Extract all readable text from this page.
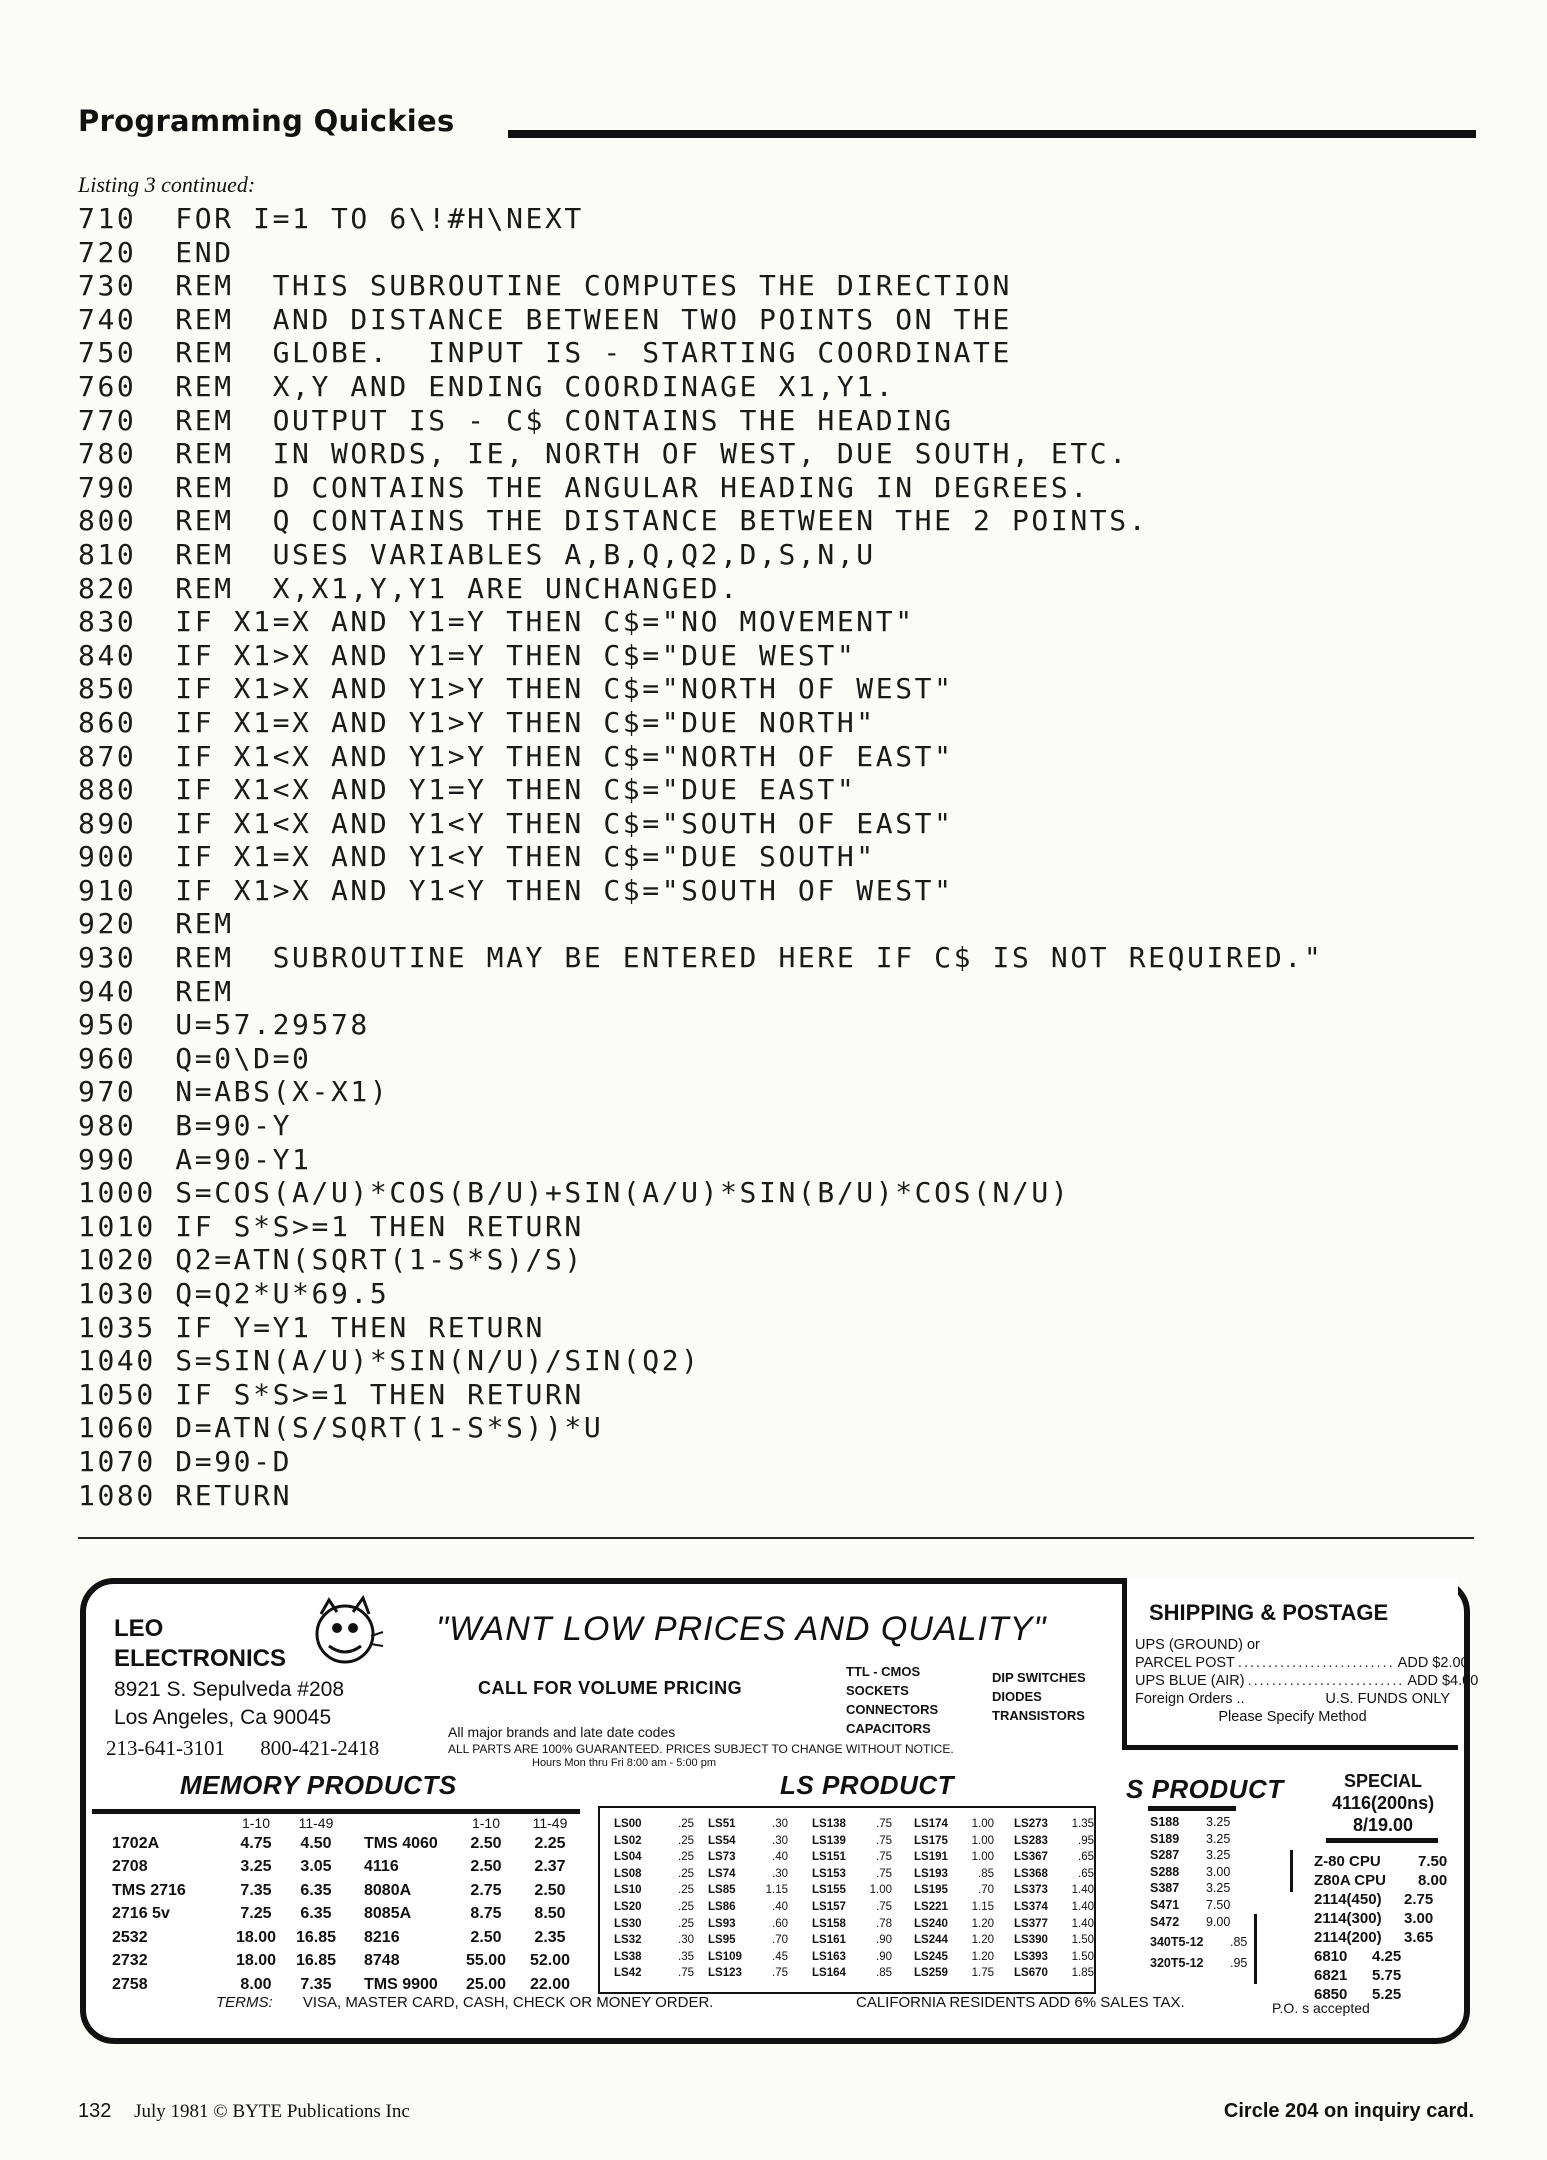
Programming Quickies
Listing 3 continued:
710  FOR I=1 TO 6\!#H\NEXT
720  END
730  REM  THIS SUBROUTINE COMPUTES THE DIRECTION
740  REM  AND DISTANCE BETWEEN TWO POINTS ON THE
750  REM  GLOBE.  INPUT IS - STARTING COORDINATE
760  REM  X,Y AND ENDING COORDINAGE X1,Y1.
770  REM  OUTPUT IS - C$ CONTAINS THE HEADING
780  REM  IN WORDS, IE, NORTH OF WEST, DUE SOUTH, ETC.
790  REM  D CONTAINS THE ANGULAR HEADING IN DEGREES.
800  REM  Q CONTAINS THE DISTANCE BETWEEN THE 2 POINTS.
810  REM  USES VARIABLES A,B,Q,Q2,D,S,N,U
820  REM  X,X1,Y,Y1 ARE UNCHANGED.
830  IF X1=X AND Y1=Y THEN C$="NO MOVEMENT"
840  IF X1>X AND Y1=Y THEN C$="DUE WEST"
850  IF X1>X AND Y1>Y THEN C$="NORTH OF WEST"
860  IF X1=X AND Y1>Y THEN C$="DUE NORTH"
870  IF X1<X AND Y1>Y THEN C$="NORTH OF EAST"
880  IF X1<X AND Y1=Y THEN C$="DUE EAST"
890  IF X1<X AND Y1<Y THEN C$="SOUTH OF EAST"
900  IF X1=X AND Y1<Y THEN C$="DUE SOUTH"
910  IF X1>X AND Y1<Y THEN C$="SOUTH OF WEST"
920  REM
930  REM  SUBROUTINE MAY BE ENTERED HERE IF C$ IS NOT REQUIRED."
940  REM
950  U=57.29578
960  Q=0\D=0
970  N=ABS(X-X1)
980  B=90-Y
990  A=90-Y1
1000 S=COS(A/U)*COS(B/U)+SIN(A/U)*SIN(B/U)*COS(N/U)
1010 IF S*S>=1 THEN RETURN
1020 Q2=ATN(SQRT(1-S*S)/S)
1030 Q=Q2*U*69.5
1035 IF Y=Y1 THEN RETURN
1040 S=SIN(A/U)*SIN(N/U)/SIN(Q2)
1050 IF S*S>=1 THEN RETURN
1060 D=ATN(S/SQRT(1-S*S))*U
1070 D=90-D
1080 RETURN
LEO
ELECTRONICS
8921 S. Sepulveda #208
Los Angeles, Ca 90045
213-641-3101 800-421-2418
"WANT LOW PRICES AND QUALITY"
CALL FOR VOLUME PRICING
TTL - CMOS
SOCKETS
CONNECTORS
CAPACITORS
DIP SWITCHES
DIODES
TRANSISTORS
All major brands and late date codes
ALL PARTS ARE 100% GUARANTEED. PRICES SUBJECT TO CHANGE WITHOUT NOTICE.
Hours Mon thru Fri 8:00 am - 5:00 pm
SHIPPING & POSTAGE
UPS (GROUND) or
PARCEL POST .......................... ADD $2.00
UPS BLUE (AIR) .......................... ADD $4.00
Foreign Orders ..	U.S. FUNDS ONLY
Please Specify Method
MEMORY PRODUCTS
	1-10	11-49			1-10	11-49
1702A	4.75	4.50		TMS 4060	2.50	2.25
2708	3.25	3.05		4116	2.50	2.37
TMS 2716	7.35	6.35		8080A	2.75	2.50
2716 5v	7.25	6.35		8085A	8.75	8.50
2532	18.00	16.85		8216	2.50	2.35
2732	18.00	16.85		8748	55.00	52.00
2758	8.00	7.35		TMS 9900	25.00	22.00
LS PRODUCT
LS00	.25
LS02	.25
LS04	.25
LS08	.25
LS10	.25
LS20	.25
LS30	.25
LS32	.30
LS38	.35
LS42	.75
LS51	.30
LS54	.30
LS73	.40
LS74	.30
LS85	1.15
LS86	.40
LS93	.60
LS95	.70
LS109	.45
LS123	.75
LS138	.75
LS139	.75
LS151	.75
LS153	.75
LS155	1.00
LS157	.75
LS158	.78
LS161	.90
LS163	.90
LS164	.85
LS174	1.00
LS175	1.00
LS191	1.00
LS193	.85
LS195	.70
LS221	1.15
LS240	1.20
LS244	1.20
LS245	1.20
LS259	1.75
LS273	1.35
LS283	.95
LS367	.65
LS368	.65
LS373	1.40
LS374	1.40
LS377	1.40
LS390	1.50
LS393	1.50
LS670	1.85
S PRODUCT
S188	3.25
S189	3.25
S287	3.25
S288	3.00
S387	3.25
S471	7.50
S472	9.00
340T5-12	.85
320T5-12	.95
SPECIAL
4116(200ns)
8/19.00
Z-80 CPU	7.50
Z80A CPU	8.00
2114(450)	2.75
2114(300)	3.00
2114(200)	3.65
6810	4.25
6821	5.75
6850	5.25
TERMS: VISA, MASTER CARD, CASH, CHECK OR MONEY ORDER.	CALIFORNIA RESIDENTS ADD 6% SALES TAX.	P.O. s accepted
132 July 1981 © BYTE Publications Inc	Circle 204 on inquiry card.
